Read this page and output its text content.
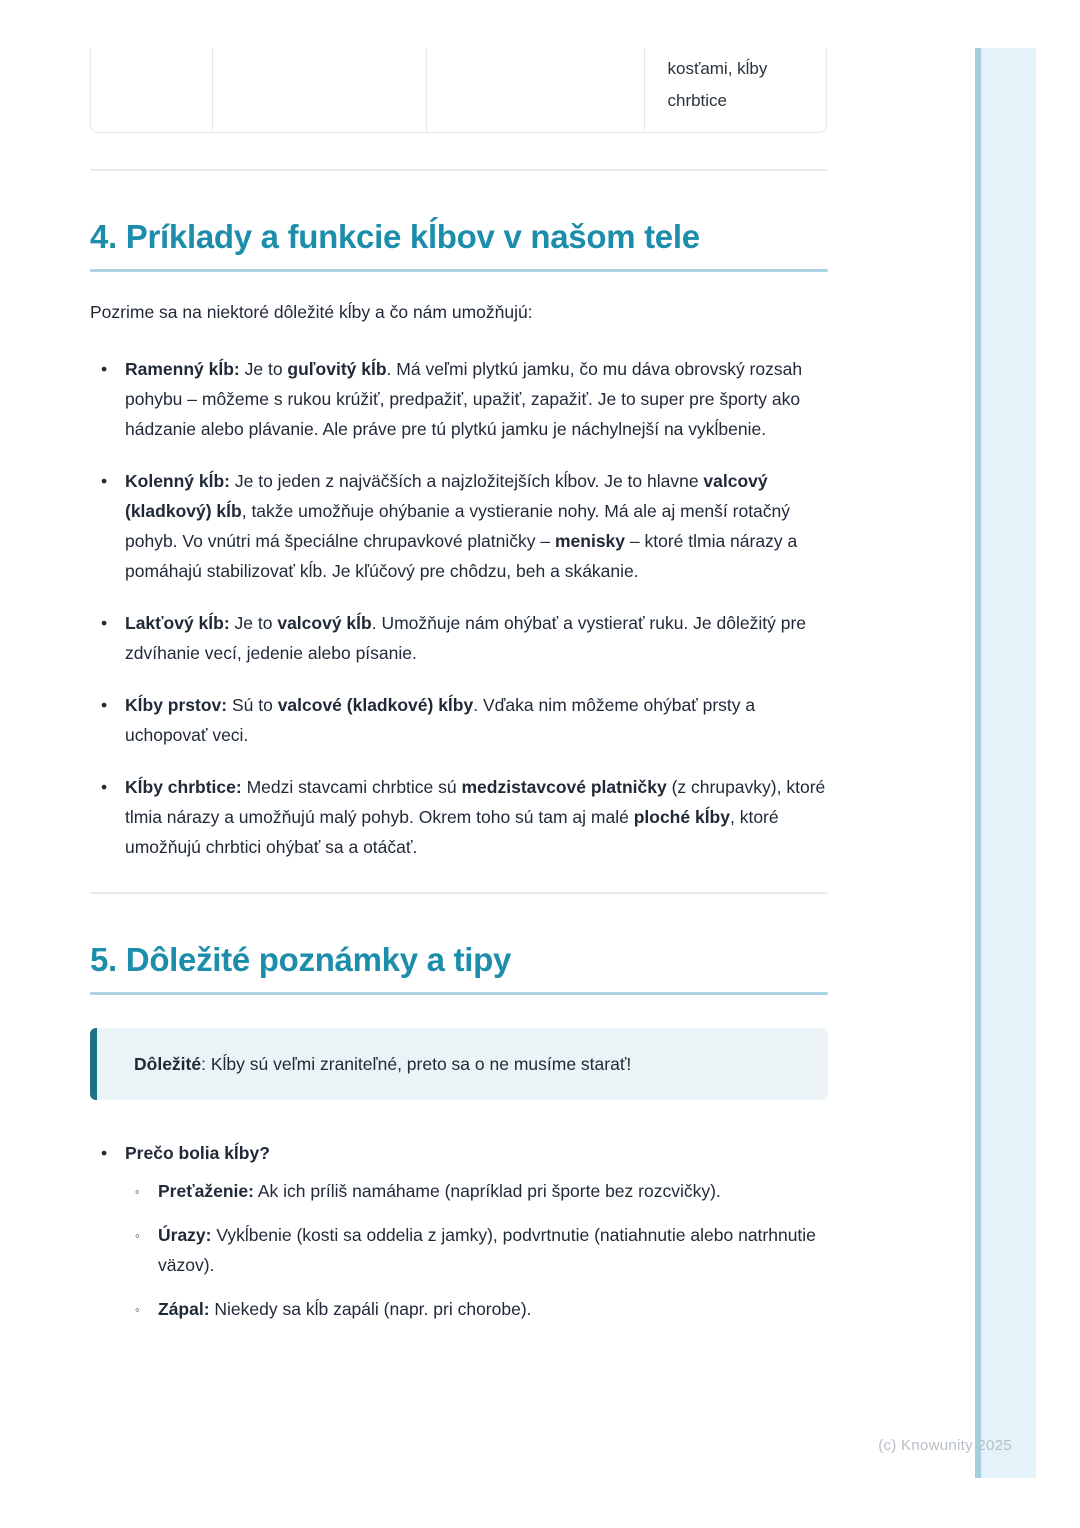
kosťami, kĺby chrbtice
4. Príklady a funkcie kĺbov v našom tele

Pozrime sa na niektoré dôležité kĺby a čo nám umožňujú:

• Ramenný kĺb: Je to guľovitý kĺb. Má veľmi plytkú jamku, čo mu dáva obrovský rozsah pohybu – môžeme s rukou krúžiť, predpažiť, upažiť, zapažiť. Je to super pre športy ako hádzanie alebo plávanie. Ale práve pre tú plytkú jamku je náchylnejší na vykĺbenie.
• Kolenný kĺb: Je to jeden z najväčších a najzložitejších kĺbov. Je to hlavne valcový (kladkový) kĺb, takže umožňuje ohýbanie a vystieranie nohy. Má ale aj menší rotačný pohyb. Vo vnútri má špeciálne chrupavkové platničky – menisky – ktoré tlmia nárazy a pomáhajú stabilizovať kĺb. Je kľúčový pre chôdzu, beh a skákanie.
• Lakťový kĺb: Je to valcový kĺb. Umožňuje nám ohýbať a vystierať ruku. Je dôležitý pre zdvíhanie vecí, jedenie alebo písanie.
• Kĺby prstov: Sú to valcové (kladkové) kĺby. Vďaka nim môžeme ohýbať prsty a uchopovať veci.
• Kĺby chrbtice: Medzi stavcami chrbtice sú medzistavcové platničky (z chrupavky), ktoré tlmia nárazy a umožňujú malý pohyb. Okrem toho sú tam aj malé ploché kĺby, ktoré umožňujú chrbtici ohýbať sa a otáčať.
5. Dôležité poznámky a tipy
Dôležité: Kĺby sú veľmi zraniteľné, preto sa o ne musíme starať!
• Prečo bolia kĺby?
◦ Preťaženie: Ak ich príliš namáhame (napríklad pri športe bez rozcvičky).
◦ Úrazy: Vykĺbenie (kosti sa oddelia z jamky), podvrtnutie (natiahnutie alebo natrhnutie väzov).
◦ Zápal: Niekedy sa kĺb zapáli (napr. pri chorobe).
(c) Knowunity 2025
